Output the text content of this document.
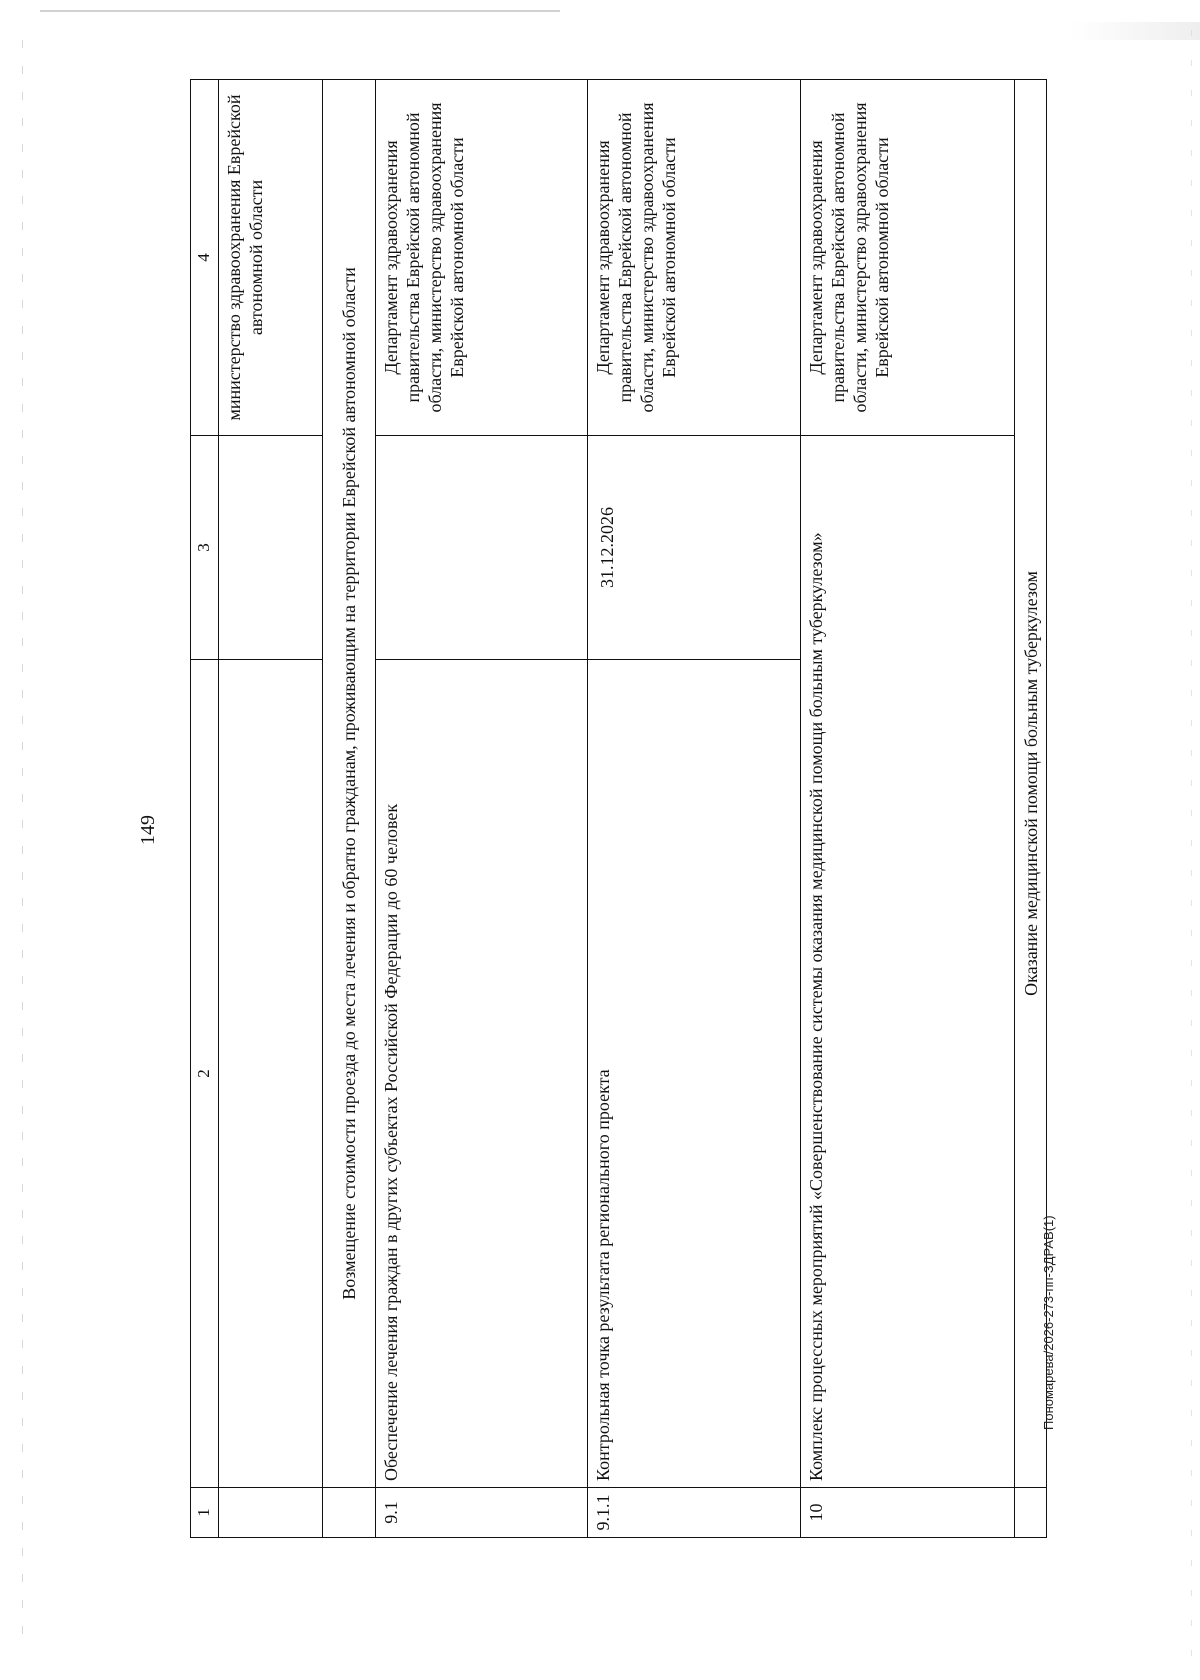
149
1	2	3	4
			министерство здравоохранения Еврейской автономной области
	Возмещение стоимости проезда до места лечения и обратно гражданам, проживающим на территории Еврейской автономной области		
9.1	Обеспечение лечения граждан в других субъектах Российской Федерации до 60 человек		Департамент здравоохранения правительства Еврейской автономной области, министерство здравоохранения Еврейской автономной области
9.1.1	Контрольная точка результата регионального проекта	31.12.2026	Департамент здравоохранения правительства Еврейской автономной области, министерство здравоохранения Еврейской автономной области
10	Комплекс процессных мероприятий «Совершенствование системы оказания медицинской помощи больным туберкулезом»		Департамент здравоохранения правительства Еврейской автономной области, министерство здравоохранения Еврейской автономной области
	Оказание медицинской помощи больным туберкулезом		
Пономарева/2026-273-пп-ЗДРАВ(1)
